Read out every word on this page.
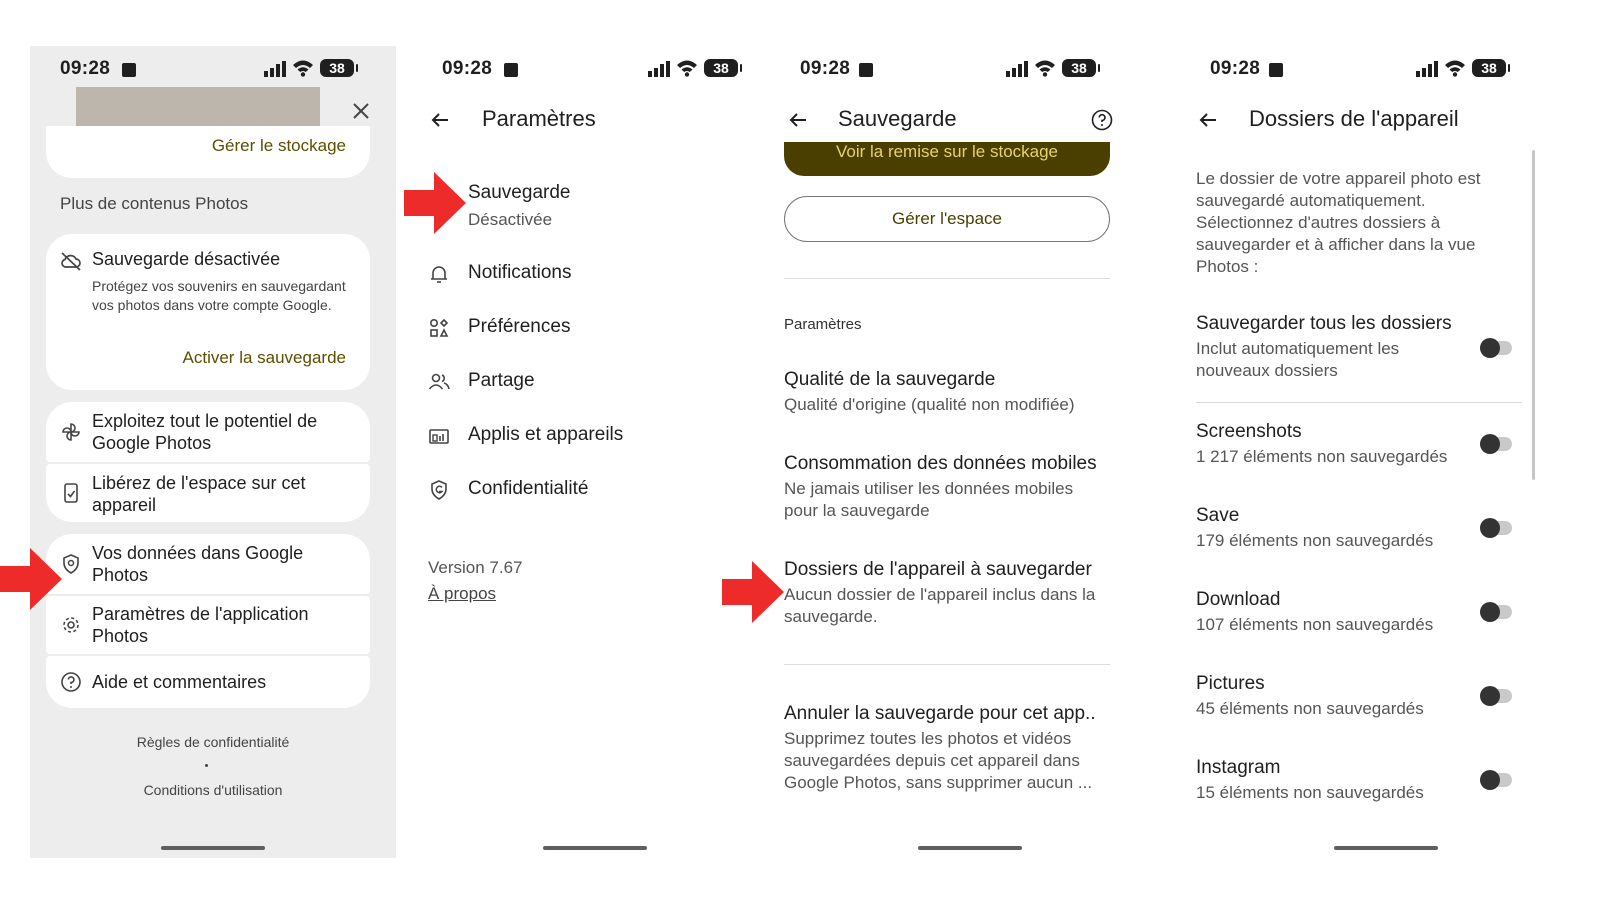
09:28	38
Gérer le stockage
Plus de contenus Photos
Sauvegarde désactivée
Protégez vos souvenirs en sauvegardant vos photos dans votre compte Google.
Activer la sauvegarde
Exploitez tout le potentiel de Google Photos
Libérez de l'espace sur cet appareil
Vos données dans Google Photos
Paramètres de l'application Photos
Aide et commentaires
Règles de confidentialité
Conditions d'utilisation
09:28	38
Paramètres
Sauvegarde
Désactivée
Notifications
Préférences
Partage
Applis et appareils
Confidentialité
Version 7.67
À propos
09:28	38
Sauvegarde
Voir la remise sur le stockage
Gérer l'espace
Paramètres
Qualité de la sauvegarde
Qualité d'origine (qualité non modifiée)
Consommation des données mobiles
Ne jamais utiliser les données mobiles pour la sauvegarde
Dossiers de l'appareil à sauvegarder
Aucun dossier de l'appareil inclus dans la sauvegarde.
Annuler la sauvegarde pour cet app..
Supprimez toutes les photos et vidéos sauvegardées depuis cet appareil dans Google Photos, sans supprimer aucun ...
09:28	38
Dossiers de l'appareil
Le dossier de votre appareil photo est sauvegardé automatiquement. Sélectionnez d'autres dossiers à sauvegarder et à afficher dans la vue Photos :
Sauvegarder tous les dossiers
Inclut automatiquement les nouveaux dossiers
Screenshots
1 217 éléments non sauvegardés
Save
179 éléments non sauvegardés
Download
107 éléments non sauvegardés
Pictures
45 éléments non sauvegardés
Instagram
15 éléments non sauvegardés
